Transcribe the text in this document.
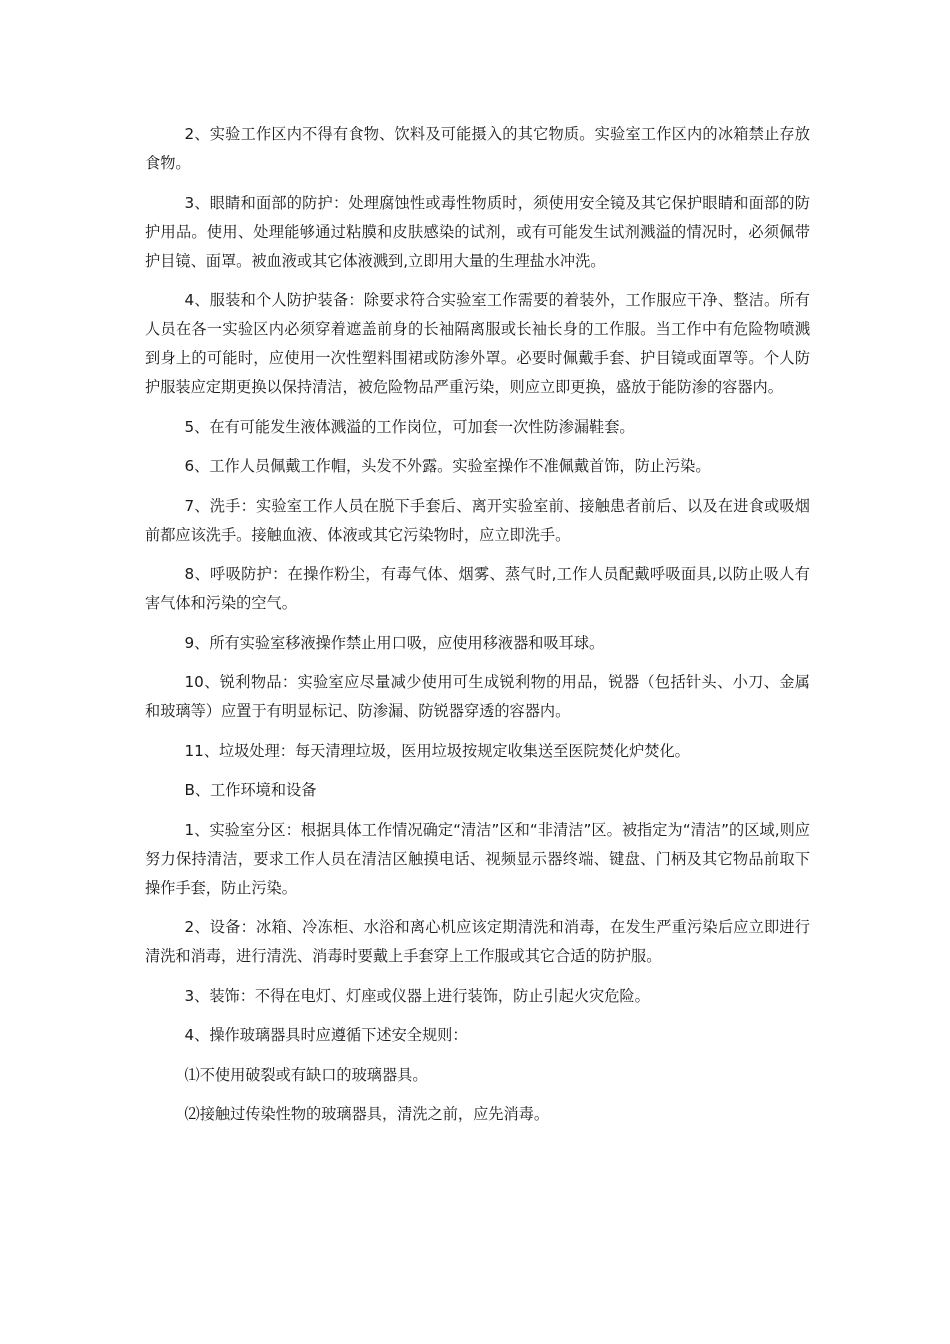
2、实验工作区内不得有食物、饮料及可能摄入的其它物质。实验室工作区内的冰箱禁止存放食物。

3、眼睛和面部的防护：处理腐蚀性或毒性物质时，须使用安全镜及其它保护眼睛和面部的防护用品。使用、处理能够通过粘膜和皮肤感染的试剂，或有可能发生试剂溅溢的情况时，必须佩带护目镜、面罩。被血液或其它体液溅到,立即用大量的生理盐水冲洗。

4、服装和个人防护装备：除要求符合实验室工作需要的着装外，工作服应干净、整洁。所有人员在各一实验区内必须穿着遮盖前身的长袖隔离服或长袖长身的工作服。当工作中有危险物喷溅到身上的可能时，应使用一次性塑料围裙或防渗外罩。必要时佩戴手套、护目镜或面罩等。个人防护服装应定期更换以保持清洁，被危险物品严重污染，则应立即更换，盛放于能防渗的容器内。

5、在有可能发生液体溅溢的工作岗位，可加套一次性防渗漏鞋套。

6、工作人员佩戴工作帽，头发不外露。实验室操作不准佩戴首饰，防止污染。

7、洗手：实验室工作人员在脱下手套后、离开实验室前、接触患者前后、以及在进食或吸烟前都应该洗手。接触血液、体液或其它污染物时，应立即洗手。

8、呼吸防护：在操作粉尘，有毒气体、烟雾、蒸气时,工作人员配戴呼吸面具,以防止吸人有害气体和污染的空气。

9、所有实验室移液操作禁止用口吸，应使用移液器和吸耳球。

10、锐利物品：实验室应尽量减少使用可生成锐利物的用品，锐器（包括针头、小刀、金属和玻璃等）应置于有明显标记、防渗漏、防锐器穿透的容器内。

11、垃圾处理：每天清理垃圾，医用垃圾按规定收集送至医院焚化炉焚化。

B、工作环境和设备

1、实验室分区：根据具体工作情况确定“清洁”区和“非清洁”区。被指定为“清洁”的区域,则应努力保持清洁，要求工作人员在清洁区触摸电话、视频显示器终端、键盘、门柄及其它物品前取下操作手套，防止污染。

2、设备：冰箱、冷冻柜、水浴和离心机应该定期清洗和消毒，在发生严重污染后应立即进行清洗和消毒，进行清洗、消毒时要戴上手套穿上工作服或其它合适的防护服。

3、装饰：不得在电灯、灯座或仪器上进行装饰，防止引起火灾危险。

4、操作玻璃器具时应遵循下述安全规则：

⑴不使用破裂或有缺口的玻璃器具。

⑵接触过传染性物的玻璃器具，清洗之前，应先消毒。
